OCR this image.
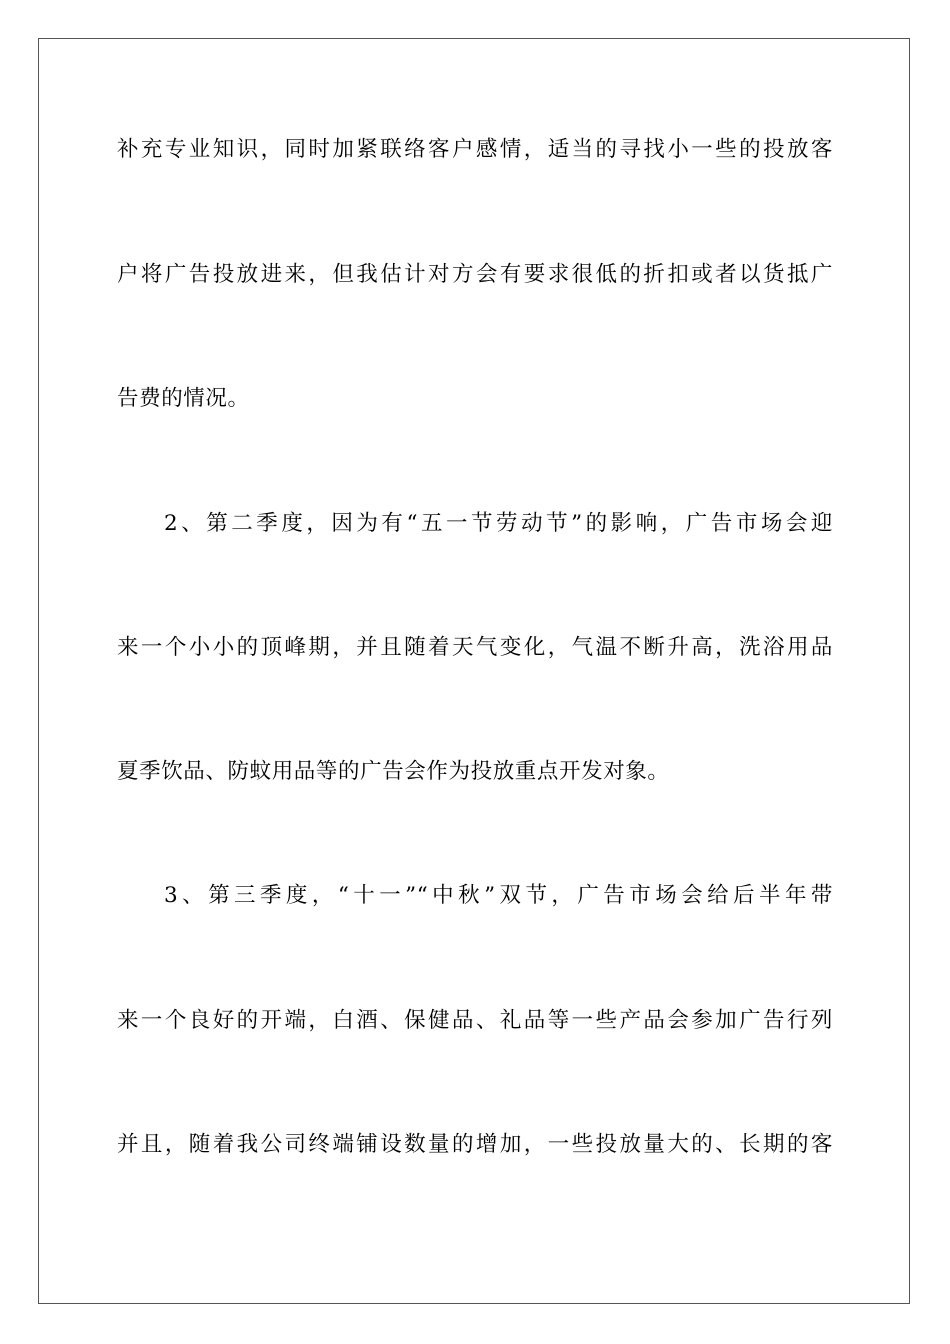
补充专业知识，同时加紧联络客户感情，适当的寻找小一些的投放客
户将广告投放进来，但我估计对方会有要求很低的折扣或者以货抵广
告费的情况。
2、第二季度，因为有“五一节劳动节”的影响，广告市场会迎
来一个小小的顶峰期，并且随着天气变化，气温不断升高，洗浴用品
夏季饮品、防蚊用品等的广告会作为投放重点开发对象。
3、第三季度，“十一”“中秋”双节，广告市场会给后半年带
来一个良好的开端，白酒、保健品、礼品等一些产品会参加广告行列
并且，随着我公司终端铺设数量的增加，一些投放量大的、长期的客
